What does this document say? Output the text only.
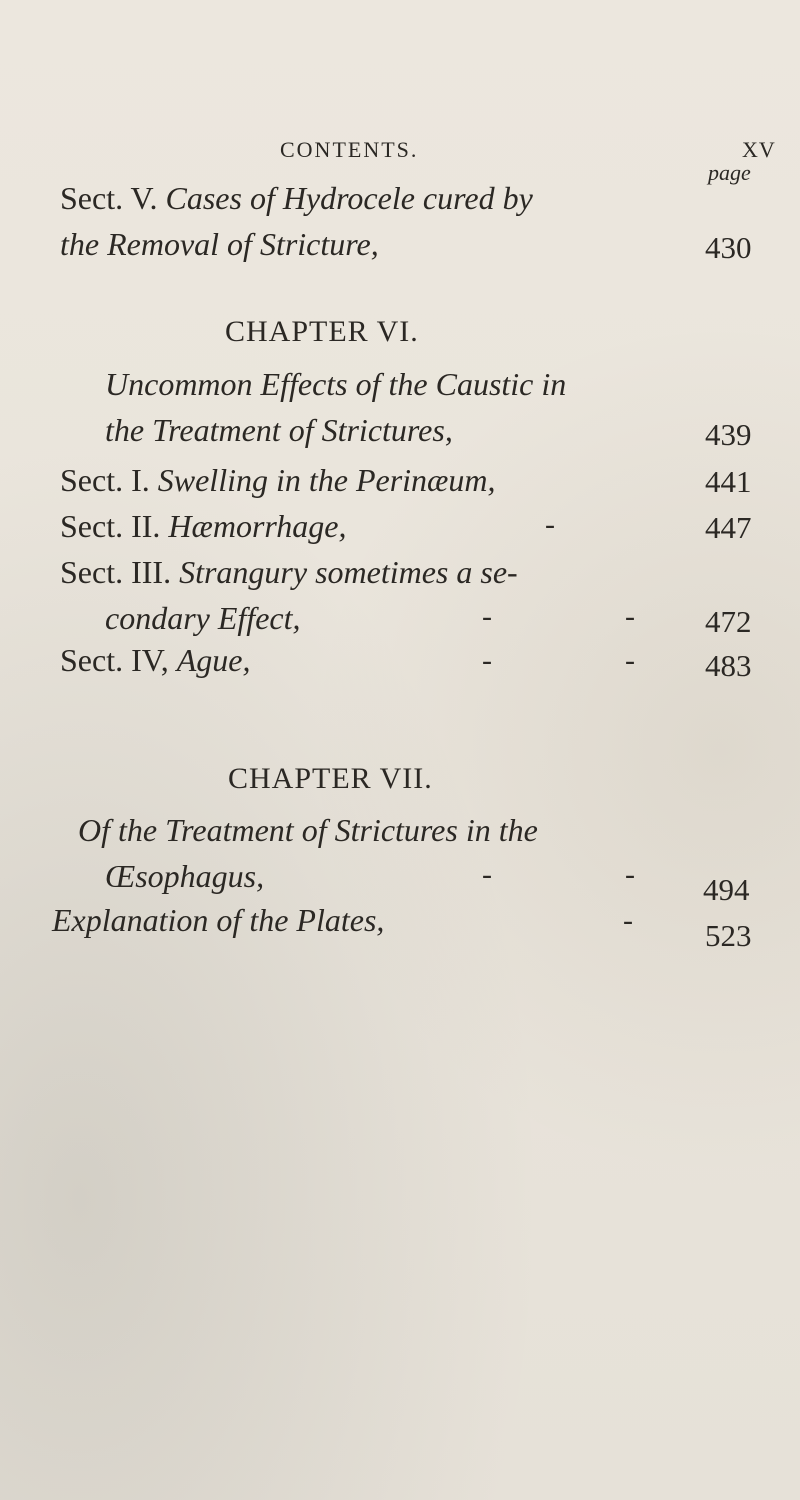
CONTENTS.	XV
page
Sect. V. Cases of Hydrocele cured by
the Removal of Stricture,	430
CHAPTER VI.
Uncommon Effects of the Caustic in
the Treatment of Strictures,	439
Sect. I. Swelling in the Perinæum,	441
Sect. II. Hæmorrhage,	-	447
Sect. III. Strangury sometimes a se-
condary Effect,	-	- 472
Sect. IV, Ague,	-	- 483
CHAPTER VII.
Of the Treatment of Strictures in the
Œsophagus,	-	- 494
Explanation of the Plates,	- 523
